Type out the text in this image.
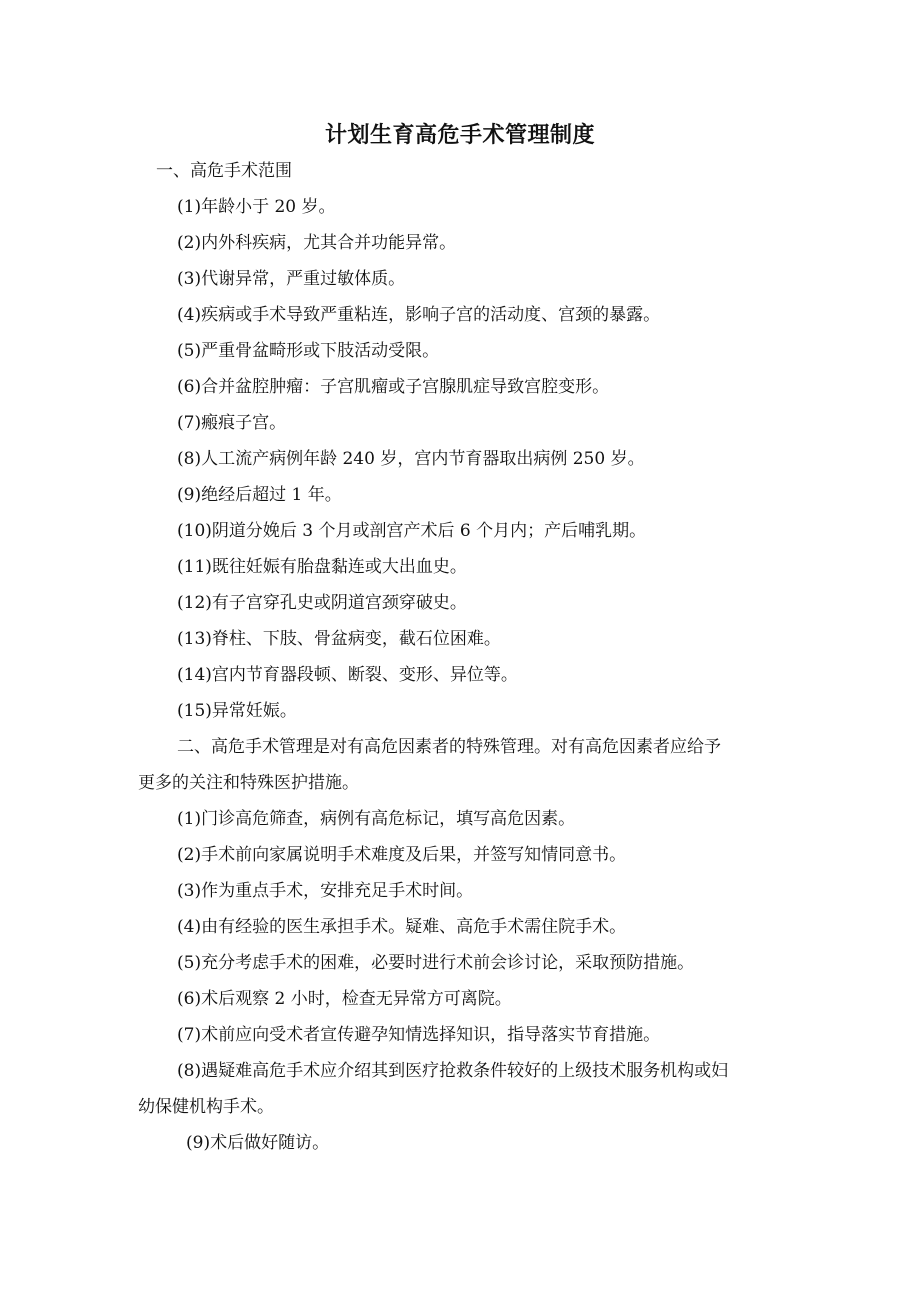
计划生育高危手术管理制度

一、高危手术范围

(1)年龄小于 20 岁。

(2)内外科疾病，尤其合并功能异常。

(3)代谢异常，严重过敏体质。

(4)疾病或手术导致严重粘连，影响子宫的活动度、宫颈的暴露。

(5)严重骨盆畸形或下肢活动受限。

(6)合并盆腔肿瘤：子宫肌瘤或子宫腺肌症导致宫腔变形。

(7)瘢痕子宫。

(8)人工流产病例年龄 240 岁，宫内节育器取出病例 250 岁。

(9)绝经后超过 1 年。

(10)阴道分娩后 3 个月或剖宫产术后 6 个月内；产后哺乳期。

(11)既往妊娠有胎盘黏连或大出血史。

(12)有子宫穿孔史或阴道宫颈穿破史。

(13)脊柱、下肢、骨盆病变，截石位困难。

(14)宫内节育器段顿、断裂、变形、异位等。

(15)异常妊娠。

二、高危手术管理是对有高危因素者的特殊管理。对有高危因素者应给予

更多的关注和特殊医护措施。

(1)门诊高危筛查，病例有高危标记，填写高危因素。

(2)手术前向家属说明手术难度及后果，并签写知情同意书。

(3)作为重点手术，安排充足手术时间。

(4)由有经验的医生承担手术。疑难、高危手术需住院手术。

(5)充分考虑手术的困难，必要时进行术前会诊讨论，采取预防措施。

(6)术后观察 2 小时，检查无异常方可离院。

(7)术前应向受术者宣传避孕知情选择知识，指导落实节育措施。

(8)遇疑难高危手术应介绍其到医疗抢救条件较好的上级技术服务机构或妇

幼保健机构手术。

(9)术后做好随访。
